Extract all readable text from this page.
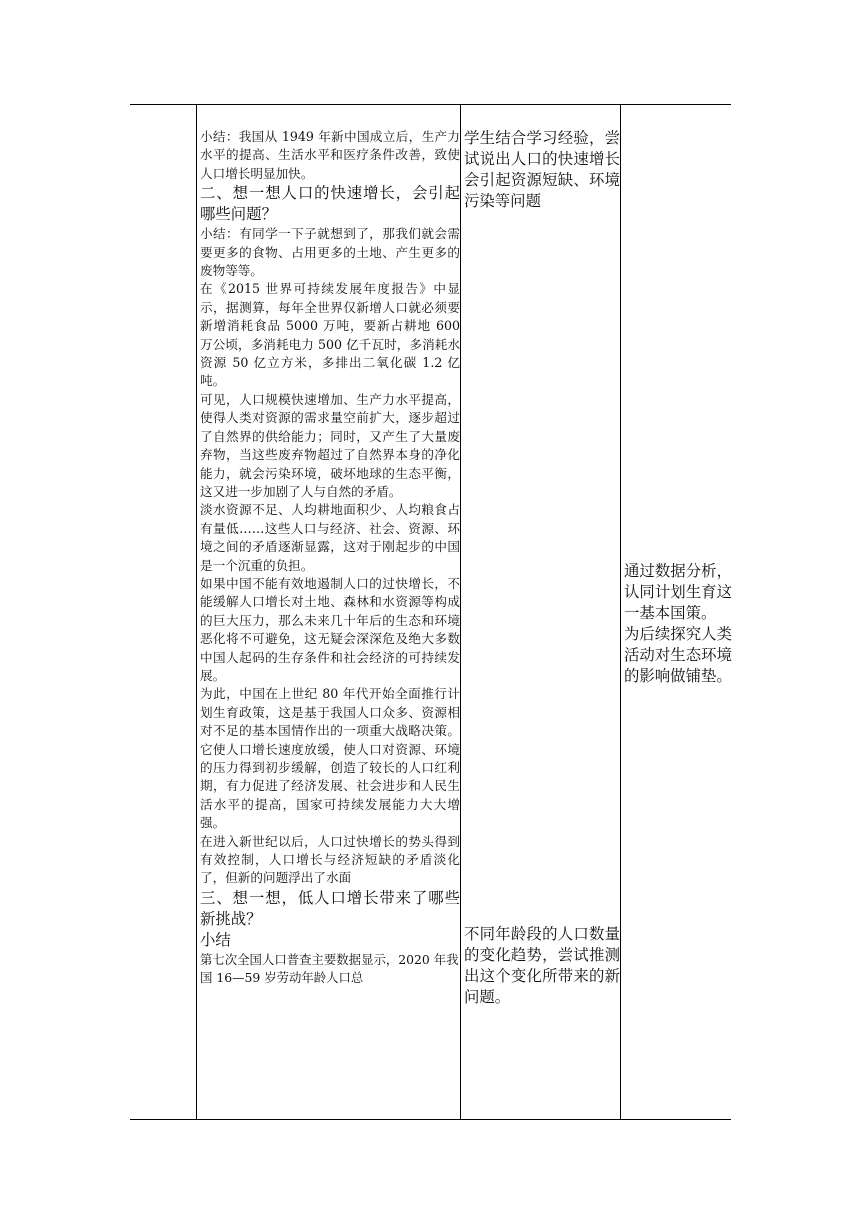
小结：我国从 1949 年新中国成立后，生产力水平的提高、生活水平和医疗条件改善，致使人口增长明显加快。

二、想一想人口的快速增长，会引起哪些问题？

小结：有同学一下子就想到了，那我们就会需要更多的食物、占用更多的土地、产生更多的废物等等。

在《2015 世界可持续发展年度报告》中显示，据测算，每年全世界仅新增人口就必须要新增消耗食品 5000 万吨，要新占耕地 600 万公顷，多消耗电力 500 亿千瓦时，多消耗水资源 50 亿立方米，多排出二氧化碳 1.2 亿吨。

可见，人口规模快速增加、生产力水平提高，使得人类对资源的需求量空前扩大，逐步超过了自然界的供给能力；同时，又产生了大量废弃物，当这些废弃物超过了自然界本身的净化能力，就会污染环境，破坏地球的生态平衡，这又进一步加剧了人与自然的矛盾。

淡水资源不足、人均耕地面积少、人均粮食占有量低……这些人口与经济、社会、资源、环境之间的矛盾逐渐显露，这对于刚起步的中国是一个沉重的负担。

如果中国不能有效地遏制人口的过快增长，不能缓解人口增长对土地、森林和水资源等构成的巨大压力，那么未来几十年后的生态和环境恶化将不可避免，这无疑会深深危及绝大多数中国人起码的生存条件和社会经济的可持续发展。

为此，中国在上世纪 80 年代开始全面推行计划生育政策，这是基于我国人口众多、资源相对不足的基本国情作出的一项重大战略决策。它使人口增长速度放缓，使人口对资源、环境的压力得到初步缓解，创造了较长的人口红利期，有力促进了经济发展、社会进步和人民生活水平的提高，国家可持续发展能力大大增强。

在进入新世纪以后，人口过快增长的势头得到有效控制，人口增长与经济短缺的矛盾淡化了，但新的问题浮出了水面

三、想一想，低人口增长带来了哪些新挑战？

小结

第七次全国人口普查主要数据显示，2020 年我国 16—59 岁劳动年龄人口总

学生结合学习经验，尝试说出人口的快速增长会引起资源短缺、环境污染等问题

不同年龄段的人口数量的变化趋势，尝试推测出这个变化所带来的新问题。

通过数据分析，认同计划生育这一基本国策。

为后续探究人类活动对生态环境的影响做铺垫。
